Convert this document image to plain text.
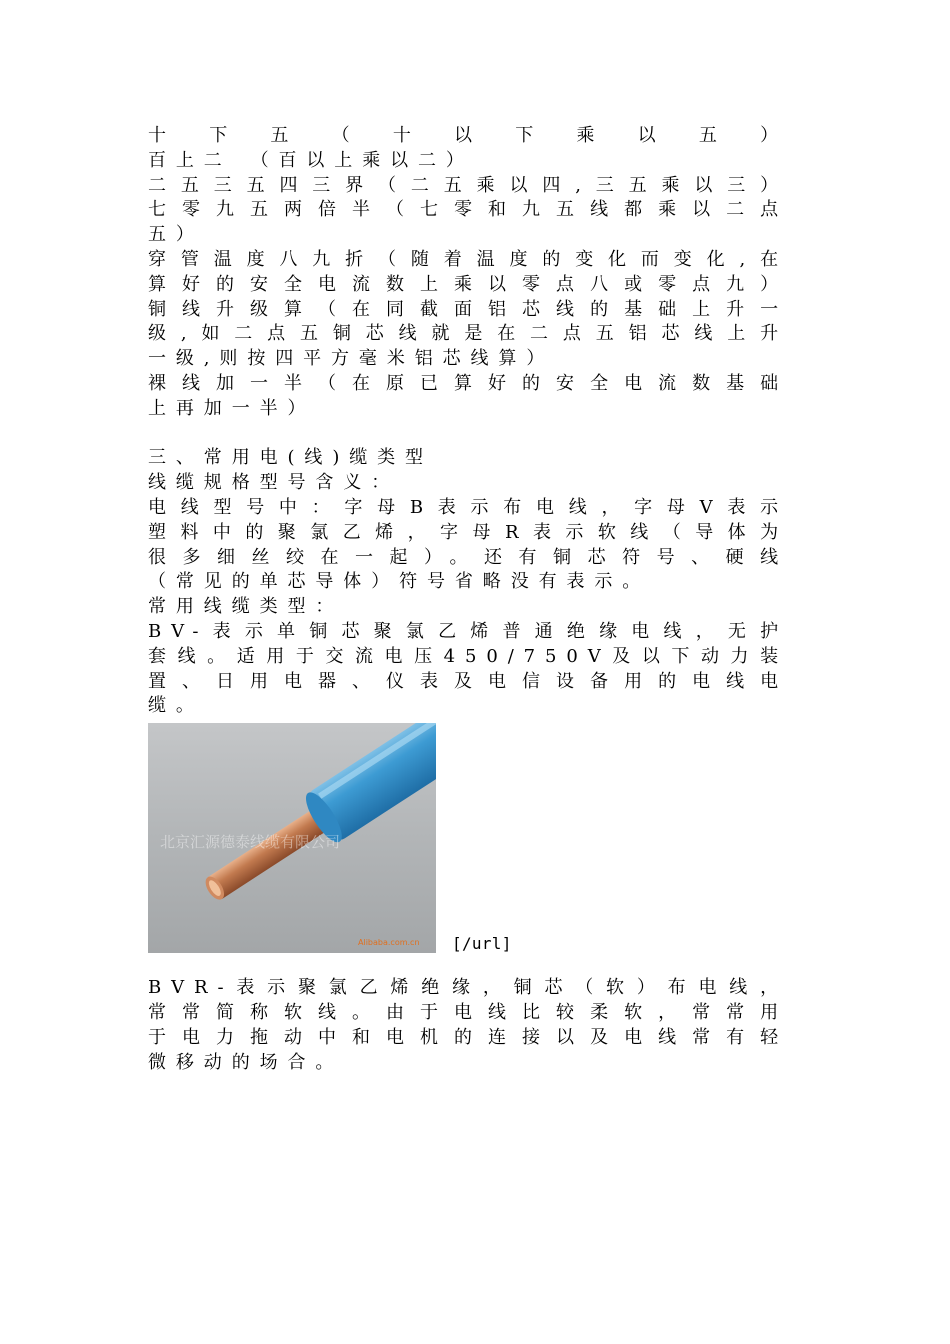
十下五（十以下乘以五）
百上二　（百以上乘以二）
二五三五四三界（二五乘以四,三五乘以三）
七零九五两倍半（七零和九五线都乘以二点
五）
穿管温度八九折（随着温度的变化而变化,在
算好的安全电流数上乘以零点八或零点九）
铜线升级算（在同截面铝芯线的基础上升一
级,如二点五铜芯线就是在二点五铝芯线上升
一级,则按四平方毫米铝芯线算）
裸线加一半（在原已算好的安全电流数基础
上再加一半）
三、常用电(线)缆类型
线缆规格型号含义：
电线型号中：字母B表示布电线，字母V表示
塑料中的聚氯乙烯，字母R表示软线（导体为
很多细丝绞在一起）。还有铜芯符号、硬线
（常见的单芯导体）符号省略没有表示。
常用线缆类型：
BV-表示单铜芯聚氯乙烯普通绝缘电线，无护
套线。适用于交流电压450/750V及以下动力装
置、日用电器、仪表及电信设备用的电线电
缆。
北京汇源德泰线缆有限公司
Alibaba.com.cn [/url]
BVR-表示聚氯乙烯绝缘，铜芯（软）布电线，
常常简称软线。由于电线比较柔软，常常用
于电力拖动中和电机的连接以及电线常有轻
微移动的场合。
